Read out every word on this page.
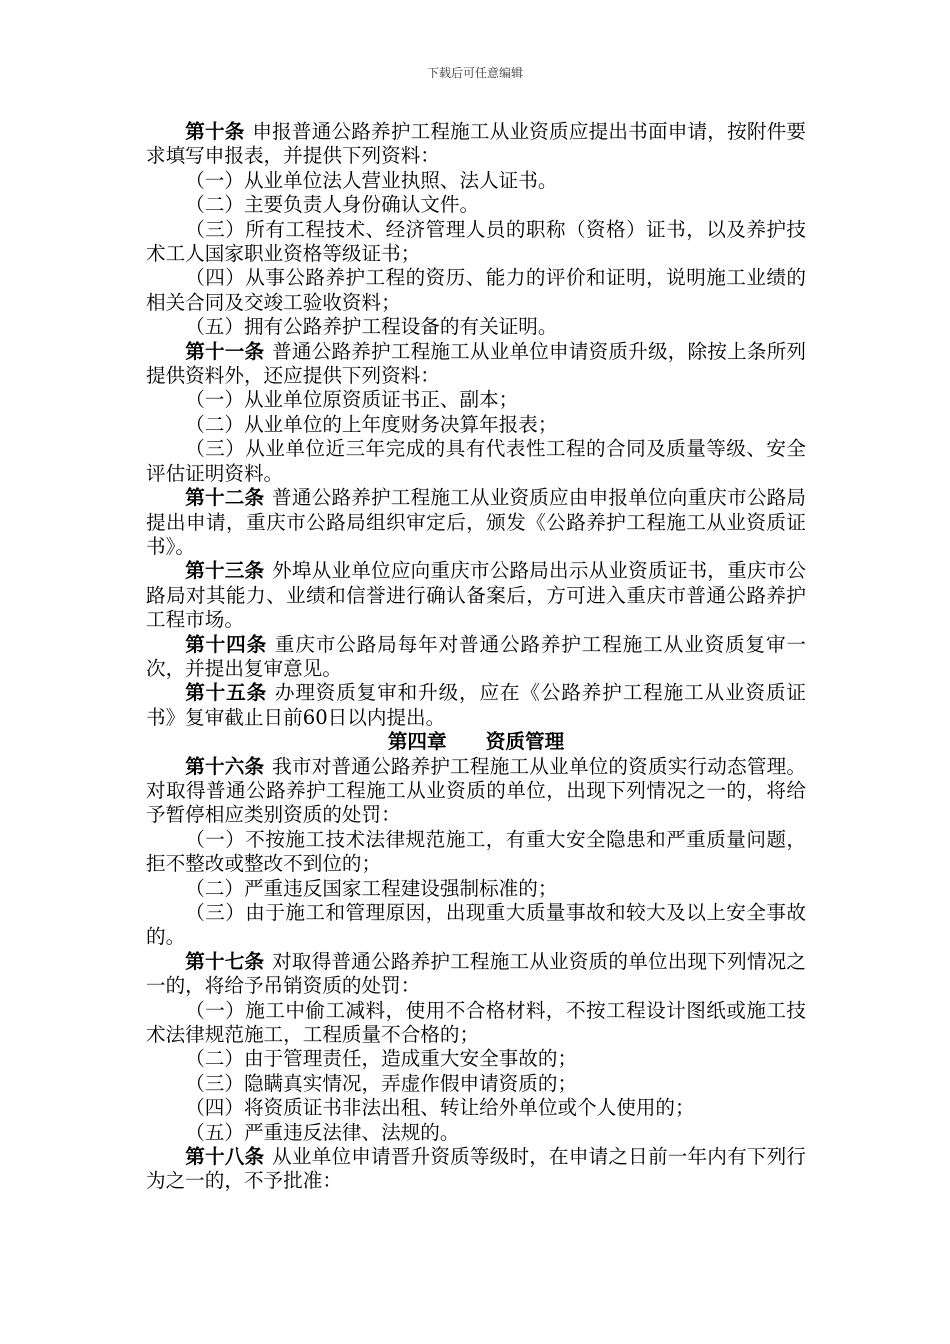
下载后可任意编辑

第十条 申报普通公路养护工程施工从业资质应提出书面申请，按附件要求填写申报表，并提供下列资料：

（一）从业单位法人营业执照、法人证书。

（二）主要负责人身份确认文件。

（三）所有工程技术、经济管理人员的职称（资格）证书，以及养护技术工人国家职业资格等级证书；

（四）从事公路养护工程的资历、能力的评价和证明，说明施工业绩的相关合同及交竣工验收资料；

（五）拥有公路养护工程设备的有关证明。

第十一条 普通公路养护工程施工从业单位申请资质升级，除按上条所列提供资料外，还应提供下列资料：

（一）从业单位原资质证书正、副本；

（二）从业单位的上年度财务决算年报表；

（三）从业单位近三年完成的具有代表性工程的合同及质量等级、安全评估证明资料。

第十二条 普通公路养护工程施工从业资质应由申报单位向重庆市公路局提出申请，重庆市公路局组织审定后，颁发《公路养护工程施工从业资质证书》。

第十三条 外埠从业单位应向重庆市公路局出示从业资质证书，重庆市公路局对其能力、业绩和信誉进行确认备案后，方可进入重庆市普通公路养护工程市场。

第十四条 重庆市公路局每年对普通公路养护工程施工从业资质复审一次，并提出复审意见。

第十五条 办理资质复审和升级，应在《公路养护工程施工从业资质证书》复审截止日前60日以内提出。

第四章 资质管理

第十六条 我市对普通公路养护工程施工从业单位的资质实行动态管理。对取得普通公路养护工程施工从业资质的单位，出现下列情况之一的，将给予暂停相应类别资质的处罚：

（一）不按施工技术法律规范施工，有重大安全隐患和严重质量问题，拒不整改或整改不到位的；

（二）严重违反国家工程建设强制标准的；

（三）由于施工和管理原因，出现重大质量事故和较大及以上安全事故的。

第十七条 对取得普通公路养护工程施工从业资质的单位出现下列情况之一的，将给予吊销资质的处罚：

（一）施工中偷工减料，使用不合格材料，不按工程设计图纸或施工技术法律规范施工，工程质量不合格的；

（二）由于管理责任，造成重大安全事故的；

（三）隐瞒真实情况，弄虚作假申请资质的；

（四）将资质证书非法出租、转让给外单位或个人使用的；

（五）严重违反法律、法规的。

第十八条 从业单位申请晋升资质等级时，在申请之日前一年内有下列行为之一的，不予批准：
